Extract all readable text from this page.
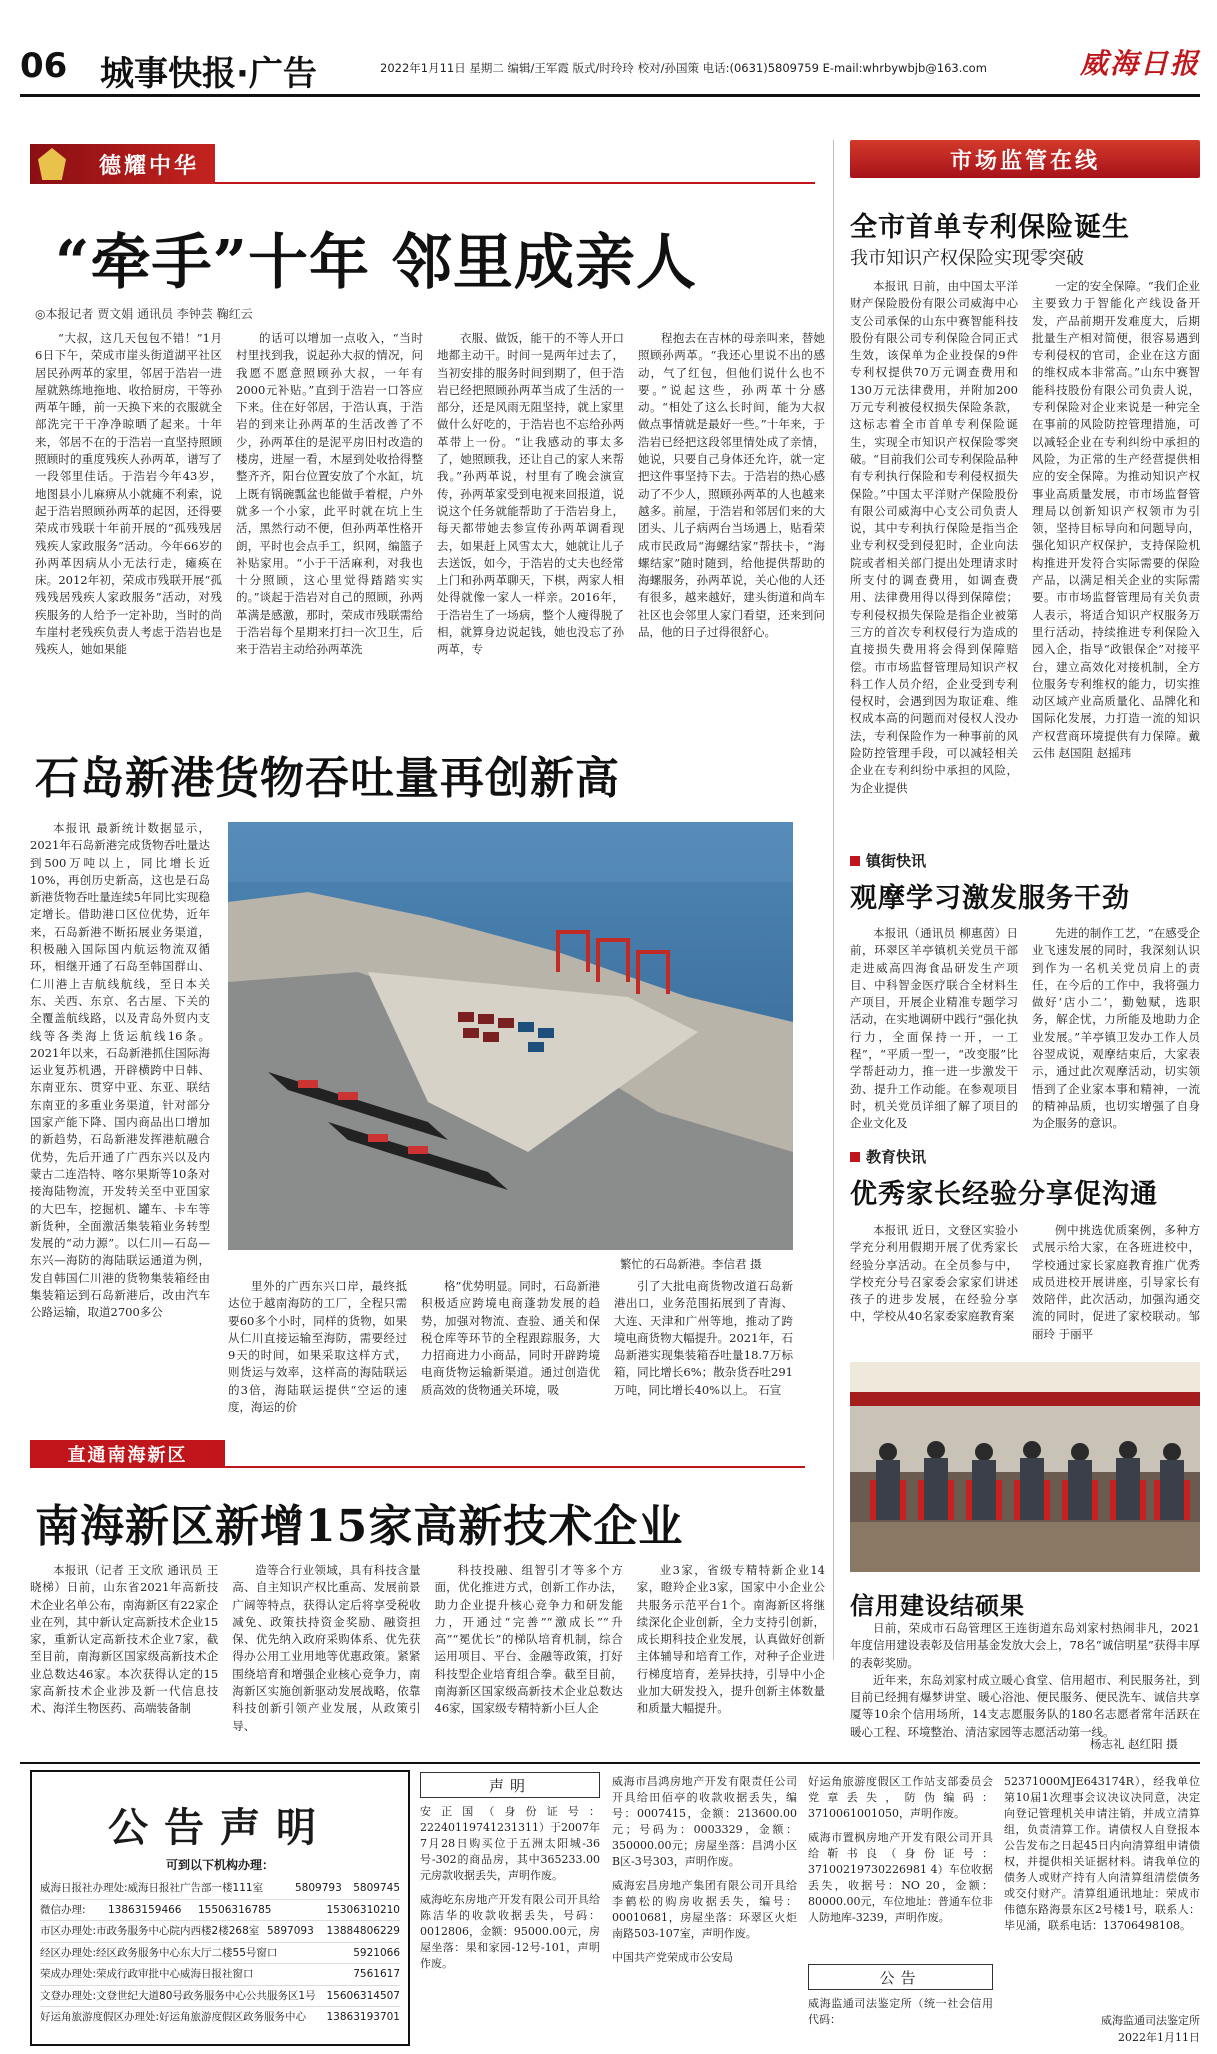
06 城事快报·广告	2022年1月11日 星期二 编辑/王军霞 版式/时玲玲 校对/孙国策 电话:(0631)5809759 E-mail:whrbywbjb@163.com	威海日报
德耀中华
“牵手”十年 邻里成亲人
◎本报记者 贾文娟 通讯员 李钟芸 鞠红云

“大叔，这几天包包不错！”1月6日下午，荣成市崖头街道湖平社区居民孙两革的家里，邻居于浩岩一进屋就熟练地拖地、收拾厨房，干等孙两革午睡，前一天换下来的衣服就全部洗完干干净净晾晒了起来。十年来，邻居不在的于浩岩一直坚持照顾照顾时的重度残疾人孙两革，谱写了一段邻里佳话。于浩岩今年43岁，地图县小儿麻痹从小就瘫不利索，说起于浩岩照顾孙两革的起因，还得要荣成市残联十年前开展的“孤残残居残疾人家政服务”活动。今年66岁的孙两革因病从小无法行走，瘫痪在床。2012年初，荣成市残联开展“孤残残居残疾人家政服务”活动，对残疾服务的人给予一定补助，当时的尚车崖村老残疾负责人考虑于浩岩也是残疾人，她如果能

的话可以增加一点收入，“当时村里找到我，说起孙大叔的情况，问我愿不愿意照顾孙大叔，一年有2000元补贴。”直到于浩岩一口答应下来。住在好邻居，于浩认真，于浩岩的到来让孙两革的生活改善了不少，孙两革住的是泥平房旧村改造的楼房，进屋一看，木屋到处收拾得整整齐齐，阳台位置安放了个水缸，坑上既有锅碗瓢盆也能做手着棍，户外就多一个小家，此平时就在坑上生活，黑然行动不便，但孙两革性格开朗，平时也会点手工，织网，编篮子补贴家用。“小于干活麻利，对我也十分照顾，这心里觉得踏踏实实的。”谈起于浩岩对自己的照顾，孙两革满是感激，那时，荣成市残联需给于浩岩每个星期来打扫一次卫生，后来于浩岩主动给孙两革洗

衣服、做饭，能干的不等人开口地都主动干。时间一晃两年过去了，当初安排的服务时间到期了，但于浩岩已经把照顾孙两革当成了生活的一部分，还是风雨无阻坚持，就上家里做什么好吃的，于浩岩也不忘给孙两革带上一份。“让我感动的事太多了，她照顾我，还让自己的家人来帮我。”孙两革说，村里有了晚会演宣传，孙两革家受到电视来回报道，说说这个任务就能帮助了于浩岩身上，每天都带她去参宣传孙两革调看现去，如果赶上风雪太大，她就让儿子去送饭，如今，于浩岩的丈夫也经常上门和孙两革聊天，下棋，两家人相处得就像一家人一样亲。2016年，于浩岩生了一场病，整个人瘦得脱了相，就算身边说起钱，她也没忘了孙两革，专

程抱去在吉林的母亲叫来，替她照顾孙两革。“我还心里说不出的感动，气了红包，但他们说什么也不要。”说起这些，孙两革十分感动。“相处了这么长时间，能为大叔做点事情就是最好一些。”十年来，于浩岩已经把这段邻里情处成了亲情，她说，只要自己身体还允许，就一定把这件事坚持下去。于浩岩的热心感动了不少人，照顾孙两革的人也越来越多。前屋，于浩岩和邻居们来的大团头、儿子病两台当场遇上，贴看荣成市民政局“海螺结家”帮扶卡，“海螺结家”随时随到，给他提供帮助的海螺服务，孙两革说，关心他的人还有很多，越来越好，建头街道和尚车社区也会邻里人家门看望，还来到问品，他的日子过得很舒心。

市场监管在线
全市首单专利保险诞生
我市知识产权保险实现零突破

本报讯 日前，由中国太平洋财产保险股份有限公司威海中心支公司承保的山东中赛智能科技股份有限公司专利保险合同正式生效，该保单为企业投保的9件专利权提供70万元调查费用和130万元法律费用，并附加200万元专利被侵权损失保险条款，这标志着全市首单专利保险诞生，实现全市知识产权保险零突破。“目前我们公司专利保险品种有专利执行保险和专利侵权损失保险。”中国太平洋财产保险股份有限公司威海中心支公司负责人说，其中专利执行保险是指当企业专利权受到侵犯时，企业向法院或者相关部门提出处理请求时所支付的调查费用，如调查费用、法律费用得以得到保障偿；专利侵权损失保险是指企业被第三方的首次专利权侵行为造成的直接损失费用将会得到保障赔偿。市市场监督管理局知识产权科工作人员介绍，企业受到专利侵权时，会遇到因为取证难、维权成本高的问题而对侵权人没办法，专利保险作为一种事前的风险防控管理手段，可以减轻相关企业在专利纠纷中承担的风险，为企业提供

一定的安全保障。“我们企业主要致力于智能化产线设备开发，产品前期开发难度大，后期批量生产相对简便，很容易遇到专利侵权的官司，企业在这方面的维权成本非常高。”山东中赛智能科技股份有限公司负责人说，专利保险对企业来说是一种完全在事前的风险防控管理措施，可以减轻企业在专利纠纷中承担的风险，为正常的生产经营提供相应的安全保障。为推动知识产权事业高质量发展，市市场监督管理局以创新知识产权领市为引领，坚持目标导向和问题导向，强化知识产权保护，支持保险机构推进开发符合实际需要的保险产品，以满足相关企业的实际需要。市市场监督管理局有关负责人表示，将适合知识产权服务万里行活动，持续推进专利保险入园入企，指导“政银保企”对接平台，建立高效化对接机制，全方位服务专利维权的能力，切实推动区域产业高质量化、品牌化和国际化发展，力打造一流的知识产权营商环境提供有力保障。戴云伟 赵国阻 赵摇玮

镇街快讯
观摩学习激发服务干劲

本报讯（通讯员 柳惠茵）日前，环翠区羊亭镇机关党员干部走进威高四海食品研发生产项目、中科智金医疗联合全材料生产项目，开展企业精准专题学习活动，在实地调研中践行“强化执行力，全面保持一开，一工程”，“平质一型一，“改变服”比学帮赶动力，推一进一步激发干劲、提升工作动能。在参观项目时，机关党员详细了解了项目的企业文化及

先进的制作工艺，“在感受企业飞速发展的同时，我深刻认识到作为一名机关党员肩上的责任，在今后的工作中，我将强力做好‘店小二’，勤勉赋，选职务，解企忧，力所能及地助力企业发展。”羊亭镇卫发办工作人员谷翌成说，观摩结束后，大家表示，通过此次观摩活动，切实领悟到了企业家本事和精神，一流的精神品质，也切实增强了自身为企服务的意识。

教育快讯
优秀家长经验分享促沟通

本报讯 近日，文登区实验小学充分利用假期开展了优秀家长经验分享活动。在全员参与中，学校充分号召家委会家家们讲述孩子的进步发展，在经验分享中，学校从40名家委家庭教育案

例中挑选优质案例，多种方式展示给大家，在各班进校中，学校通过家长家庭教育推广优秀成员进校开展讲座，引导家长有效陪伴，此次活动，加强沟通交流的同时，促进了家校联动。邹丽玲 于丽平

信用建设结硕果

日前，荣成市石岛管理区王连街道东岛刘家村热闹非凡，2021年度信用建设表彰及信用基金发放大会上，78名“诚信明星”获得丰厚的表彰奖励。

近年来，东岛刘家村成立暖心食堂、信用超市、利民服务社，到目前已经拥有爆梦讲堂、暖心浴池、便民服务、便民洗车、诚信共享厦等10余个信用场所，14支志愿服务队的180名志愿者常年活跃在暖心工程、环境整治、清洁家园等志愿活动第一线。

杨志礼 赵红阳 摄
石岛新港货物吞吐量再创新高

本报讯 最新统计数据显示，2021年石岛新港完成货物吞吐量达到500万吨以上，同比增长近10%，再创历史新高，这也是石岛新港货物吞吐量连续5年同比实现稳定增长。借助港口区位优势，近年来，石岛新港不断拓展业务渠道，积极融入国际国内航运物流双循环，相继开通了石岛至韩国群山、仁川港上吉航线航线，至日本关东、关西、东京、名古屋、下关的全覆盖航线路，以及青岛外贸内支线等各类海上货运航线16条。2021年以来，石岛新港抓住国际海运业复苏机遇，开辟横跨中日韩、东南亚东、贯穿中亚、东亚、联结东南亚的多重业务渠道，针对部分国家产能下降、国内商品出口增加的新趋势，石岛新港发挥港航融合优势，先后开通了广西东兴以及内蒙古二连浩特、喀尔果斯等10条对接海陆物流，开发转关至中亚国家的大巴车，挖掘机、罐车、卡车等新货种，全面激活集装箱业务转型发展的“动力源”。以仁川—石岛—东兴—海防的海陆联运通道为例，发自韩国仁川港的货物集装箱经由集装箱运到石岛新港后，改由汽车公路运输，取道2700多公

繁忙的石岛新港。李信君 摄

里外的广西东兴口岸，最终抵达位于越南海防的工厂，全程只需要60多个小时，同样的货物，如果从仁川直接运输至海防，需要经过9天的时间，如果采取这样方式，则货运与效率，这样高的海陆联运的3倍，海陆联运提供“空运的速度，海运的价

格”优势明显。同时，石岛新港积极适应跨境电商蓬勃发展的趋势，加强对物流、查验、通关和保税仓库等环节的全程跟踪服务，大力招商进力小商品，同时开辟跨境电商货物运输新渠道。通过创造优质高效的货物通关环境，吸

引了大批电商货物改道石岛新港出口，业务范围拓展到了青海、大连、天津和广州等地，推动了跨境电商货物大幅提升。2021年，石岛新港实现集装箱吞吐量18.7万标箱，同比增长6%；散杂货吞吐291万吨，同比增长40%以上。 石宣

直通南海新区
南海新区新增15家高新技术企业

本报讯（记者 王文欣 通讯员 王晓梯）日前，山东省2021年高新技术企业名单公布，南海新区有22家企业在列，其中新认定高新技术企业15家，重新认定高新技术企业7家，截至目前，南海新区国家级高新技术企业总数达46家。本次获得认定的15家高新技术企业涉及新一代信息技术、海洋生物医药、高端装备制

造等合行业领域，具有科技含量高、自主知识产权比重高、发展前景广阔等特点，获得认定后将享受税收减免、政策扶持资金奖励、融资担保、优先纳入政府采购体系、优先获得办公用工业用地等优惠政策。紧紧围绕培育和增强企业核心竞争力，南海新区实施创新驱动发展战略，依靠科技创新引领产业发展，从政策引导、

科技投融、组智引才等多个方面，优化推进方式，创新工作办法，助力企业提升核心竞争力和研发能力，开通过“完善”“激成长”“升高”“冕优长”的梯队培育机制，综合运用项目、平台、金融等政策，打好科技型企业培育组合拳。截至目前，南海新区国家级高新技术企业总数达46家，国家级专精特新小巨人企

业3家，省级专精特新企业14家，瞪羚企业3家，国家中小企业公共服务示范平台1个。南海新区将继续深化企业创新，全力支持引创新，成长期科技企业发展，认真做好创新主体辅导和培育工作，对种子企业进行梯度培育，差异扶持，引导中小企业加大研发投入，提升创新主体数量和质量大幅提升。

公告声明
可到以下机构办理：
威海日报社办理处:威海日报社广告部一楼111室	5809793	5809745
微信办理:	13863159466	15506316785	15306310210
市区办理处:市政务服务中心院内西楼2楼268室 5897093	13884806229
经区办理处:经区政务服务中心东大厅二楼55号窗口	5921066
荣成办理处:荣成行政审批中心威海日报社窗口	7561617
文登办理处:文登世纪大道80号政务服务中心公共服务区1号	15606314507
好运角旅游度假区办理处:好运角旅游度假区政务服务中心	13863193701
声明

安正国（身份证号：22240119741231311）于2007年7月28日购买位于五洲太阳城-36号-302的商品房，其中365233.00元房款收据丢失，声明作废。

威海屹东房地产开发有限公司开具给陈洁华的收款收据丢失，号码：0012806，金额：95000.00元，房屋坐落：果和家园-12号-101，声明作废。

威海市昌鸿房地产开发有限责任公司开具给田佰亭的收款收据丢失，编号：0007415，金额：213600.00元；号码为：0003329，金额：350000.00元；房屋坐落：昌鸿小区B区-3号303，声明作废。

威海宏昌房地产集团有限公司开具给李鹤松的购房收据丢失，编号：00010681，房屋坐落：环翠区火炬南路503-107室，声明作废。

中国共产党荣成市公安局

好运角旅游度假区工作站支部委员会党章丢失，防伪编码：3710061001050，声明作废。

威海市置枫房地产开发有限公司开具给靳书良（身份证号：37100219730226981 4）车位收据丢失，收据号：NO 20，金额：80000.00元，车位地址：普通车位非人防地库-3239，声明作废。

公告
威海监通司法鉴定所（统一社会信用代码：

52371000MJE643174R），经我单位第10届1次理事会议决议决同意，决定向登记管理机关申请注销，并成立清算组，负责清算工作。请债权人自登报本公告发布之日起45日内向清算组申请债权，并提供相关证据材料。请我单位的债务人或财产持有人向清算组清偿债务或交付财产。清算组通讯地址：荣成市伟德东路海景东区2号楼1号，联系人：毕见涌，联系电话：13706498108。

威海监通司法鉴定所
2022年1月11日
